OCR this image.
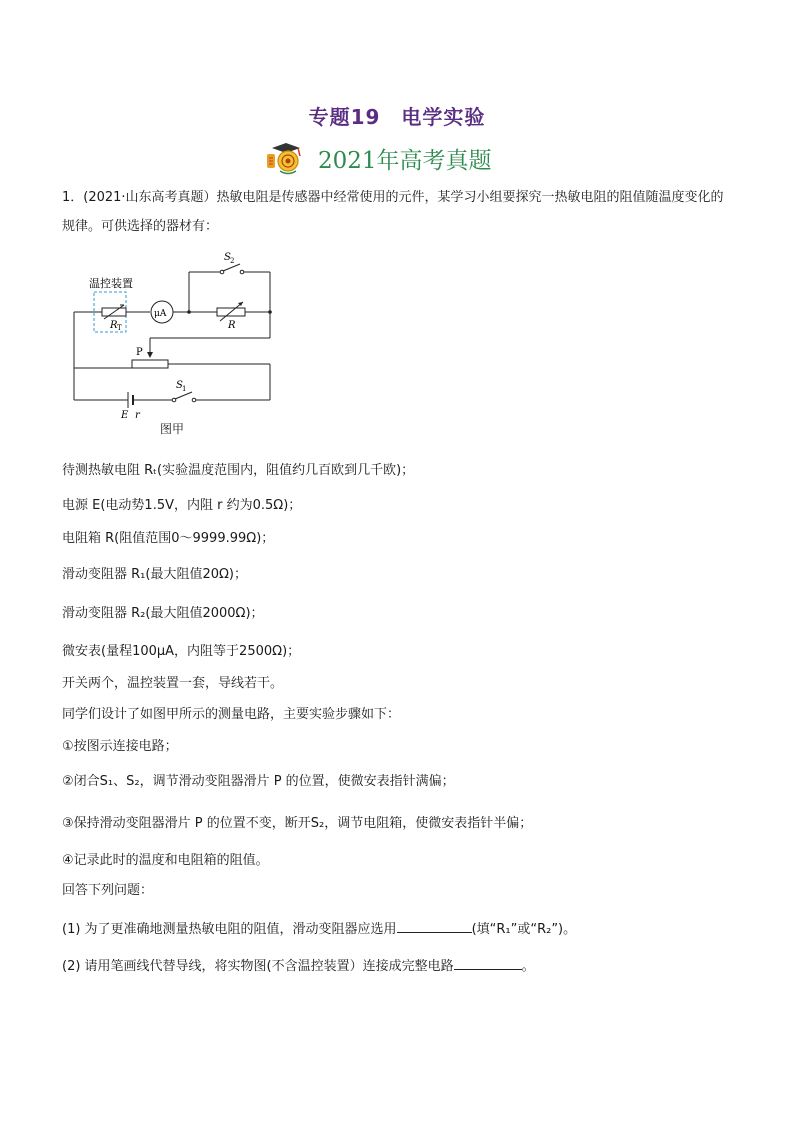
专题19　电学实验
2021年高考真题
1．(2021·山东高考真题）热敏电阻是传感器中经常使用的元件，某学习小组要探究一热敏电阻的阻值随温度变化的规律。可供选择的器材有：
温控装置
R T
μA
R
S 2
P
S 1
E r
图甲
待测热敏电阻 Rₜ(实验温度范围内，阻值约几百欧到几千欧)；
电源 E(电动势1.5V，内阻 r 约为0.5Ω)；
电阻箱 R(阻值范围0～9999.99Ω)；
滑动变阻器 R₁(最大阻值20Ω)；
滑动变阻器 R₂(最大阻值2000Ω)；
微安表(量程100μA，内阻等于2500Ω)；
开关两个，温控装置一套，导线若干。
同学们设计了如图甲所示的测量电路，主要实验步骤如下：
①按图示连接电路；
②闭合S₁、S₂，调节滑动变阻器滑片 P 的位置，使微安表指针满偏；
③保持滑动变阻器滑片 P 的位置不变，断开S₂，调节电阻箱，使微安表指针半偏；
④记录此时的温度和电阻箱的阻值。
回答下列问题：
(1) 为了更准确地测量热敏电阻的阻值，滑动变阻器应选用	(填“R₁”或“R₂”)。
(2) 请用笔画线代替导线，将实物图(不含温控装置）连接成完整电路	。
